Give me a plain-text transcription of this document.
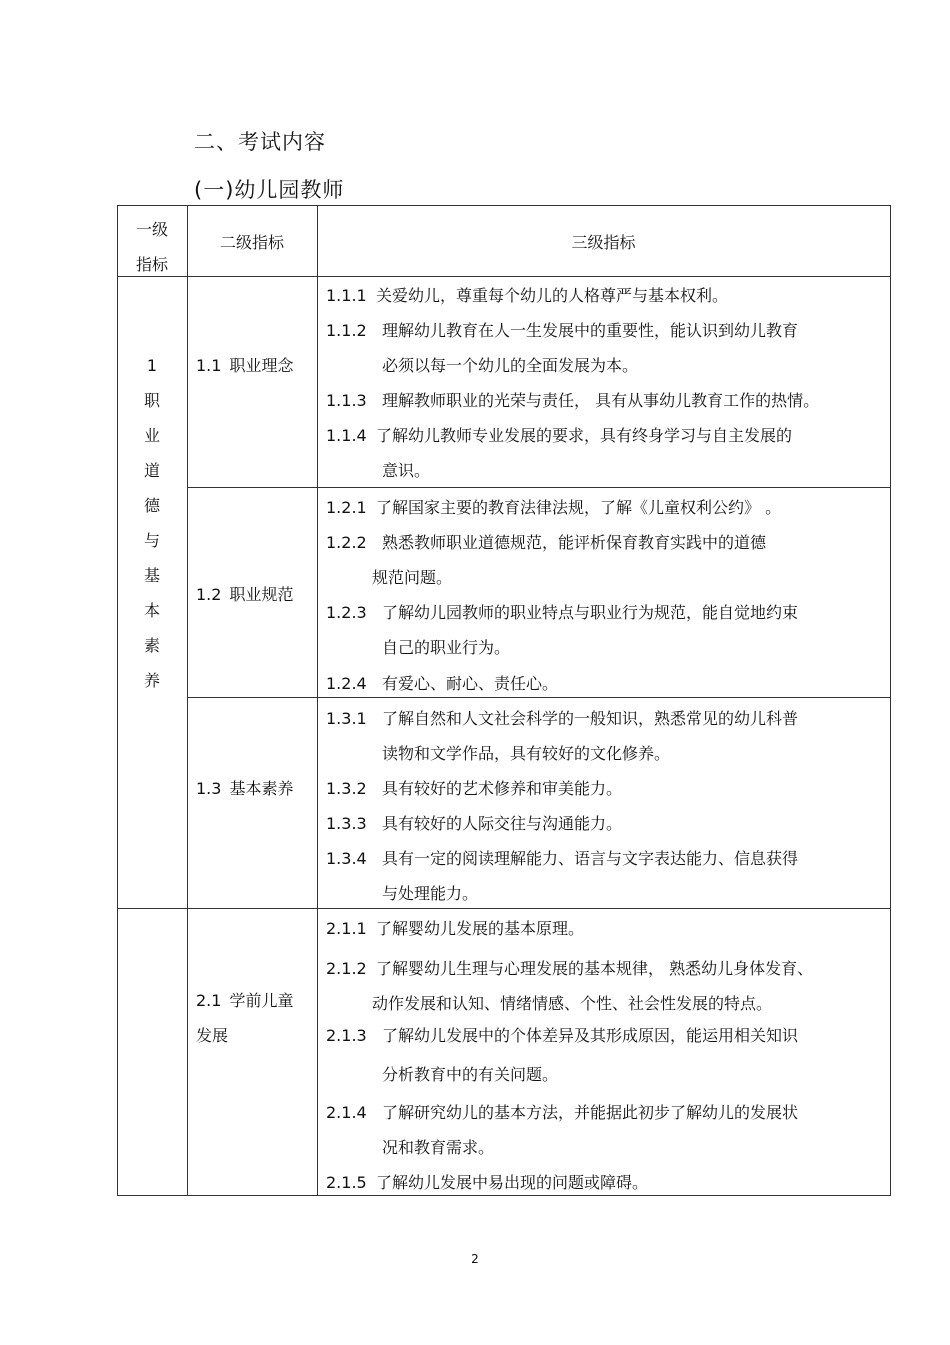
二、考试内容
(一)幼儿园教师
一级
指标
二级指标	三级指标
1
职
业
道
德
与
基
本
素
养
1.1 职业理念
1.2 职业规范
1.3 基本素养
2.1 学前儿童
发展
1.1.1 关爱幼儿，尊重每个幼儿的人格尊严与基本权利。
1.1.2 理解幼儿教育在人一生发展中的重要性，能认识到幼儿教育
必须以每一个幼儿的全面发展为本。
1.1.3 理解教师职业的光荣与责任， 具有从事幼儿教育工作的热情。
1.1.4 了解幼儿教师专业发展的要求，具有终身学习与自主发展的
意识。
1.2.1 了解国家主要的教育法律法规，了解《儿童权利公约》 。
1.2.2 熟悉教师职业道德规范，能评析保育教育实践中的道德
规范问题。
1.2.3 了解幼儿园教师的职业特点与职业行为规范，能自觉地约束
自己的职业行为。
1.2.4 有爱心、耐心、责任心。
1.3.1 了解自然和人文社会科学的一般知识，熟悉常见的幼儿科普
读物和文学作品，具有较好的文化修养。
1.3.2 具有较好的艺术修养和审美能力。
1.3.3 具有较好的人际交往与沟通能力。
1.3.4 具有一定的阅读理解能力、语言与文字表达能力、信息获得
与处理能力。
2.1.1 了解婴幼儿发展的基本原理。
2.1.2 了解婴幼儿生理与心理发展的基本规律， 熟悉幼儿身体发育、
动作发展和认知、情绪情感、个性、社会性发展的特点。
2.1.3 了解幼儿发展中的个体差异及其形成原因，能运用相关知识
分析教育中的有关问题。
2.1.4 了解研究幼儿的基本方法，并能据此初步了解幼儿的发展状
况和教育需求。
2.1.5 了解幼儿发展中易出现的问题或障碍。
2
